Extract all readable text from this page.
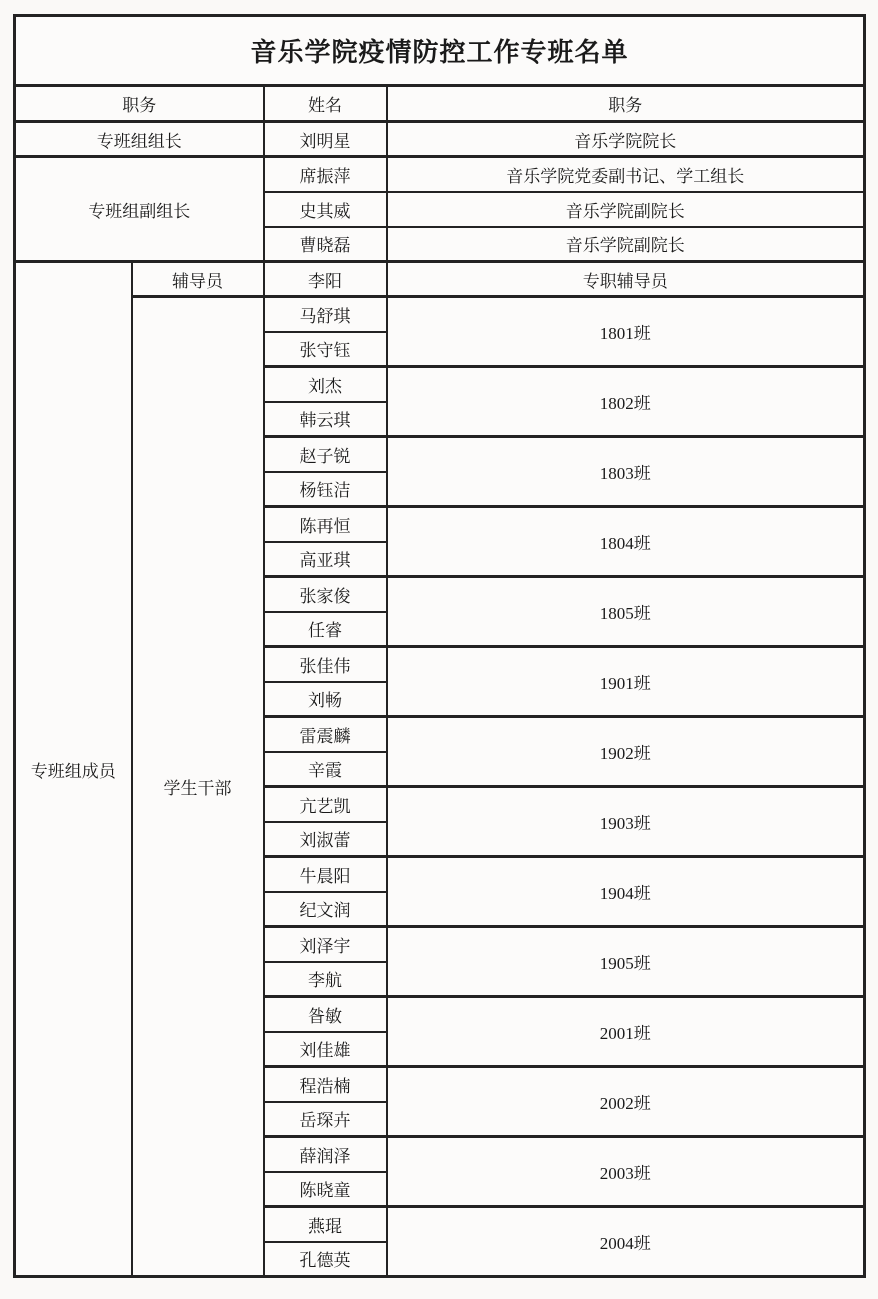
音乐学院疫情防控工作专班名单			
职务		姓名	职务
专班组组长		刘明星	音乐学院院长
专班组副组长		席振萍	音乐学院党委副书记、学工组长
		史其威	音乐学院副院长
		曹晓磊	音乐学院副院长
专班组成员	辅导员	李阳	专职辅导员
	学生干部	马舒琪	1801班
		张守钰	
		刘杰	1802班
		韩云琪	
		赵子锐	1803班
		杨钰洁	
		陈再恒	1804班
		高亚琪	
		张家俊	1805班
		任睿	
		张佳伟	1901班
		刘畅	
		雷震麟	1902班
		辛霞	
		亢艺凯	1903班
		刘淑蕾	
		牛晨阳	1904班
		纪文润	
		刘泽宇	1905班
		李航	
		昝敏	2001班
		刘佳雄	
		程浩楠	2002班
		岳琛卉	
		薛润泽	2003班
		陈晓童	
		燕琨	2004班
		孔德英	
